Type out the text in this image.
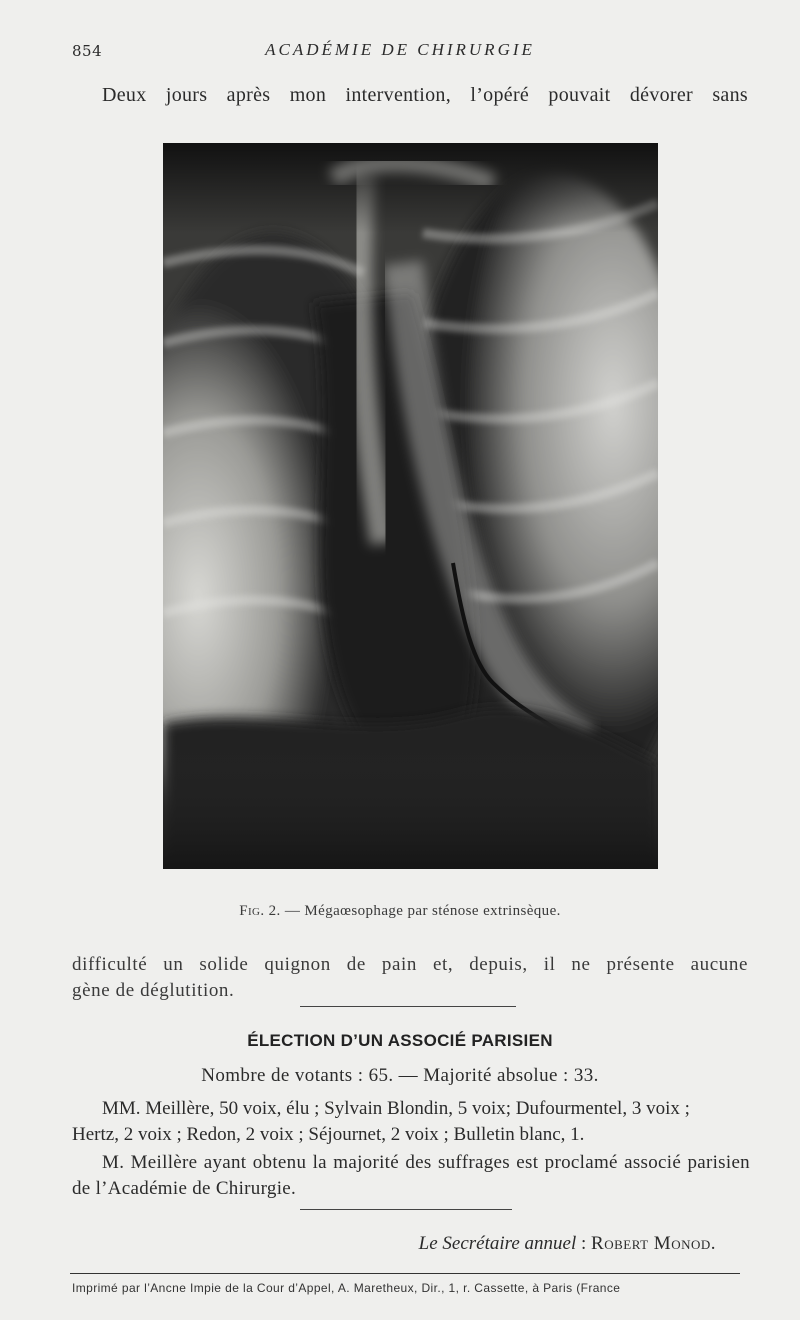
854	ACADÉMIE DE CHIRURGIE
Deux jours après mon intervention, l’opéré pouvait dévorer sans
Fig. 2. — Mégaœsophage par sténose extrinsèque.
difficulté un solide quignon de pain et, depuis, il ne présente aucune
gène de déglutition.
ÉLECTION D’UN ASSOCIÉ PARISIEN
Nombre de votants : 65. — Majorité absolue : 33.
MM. Meillère, 50 voix, élu ; Sylvain Blondin, 5 voix; Dufourmentel, 3 voix ;
Hertz, 2 voix ; Redon, 2 voix ; Séjournet, 2 voix ; Bulletin blanc, 1.
M. Meillère ayant obtenu la majorité des suffrages est proclamé associé parisien de l’Académie de Chirurgie.
Le Secrétaire annuel : Robert Monod.
Imprimé par l’Ancne Impie de la Cour d’Appel, A. Maretheux, Dir., 1, r. Cassette, à Paris (France
